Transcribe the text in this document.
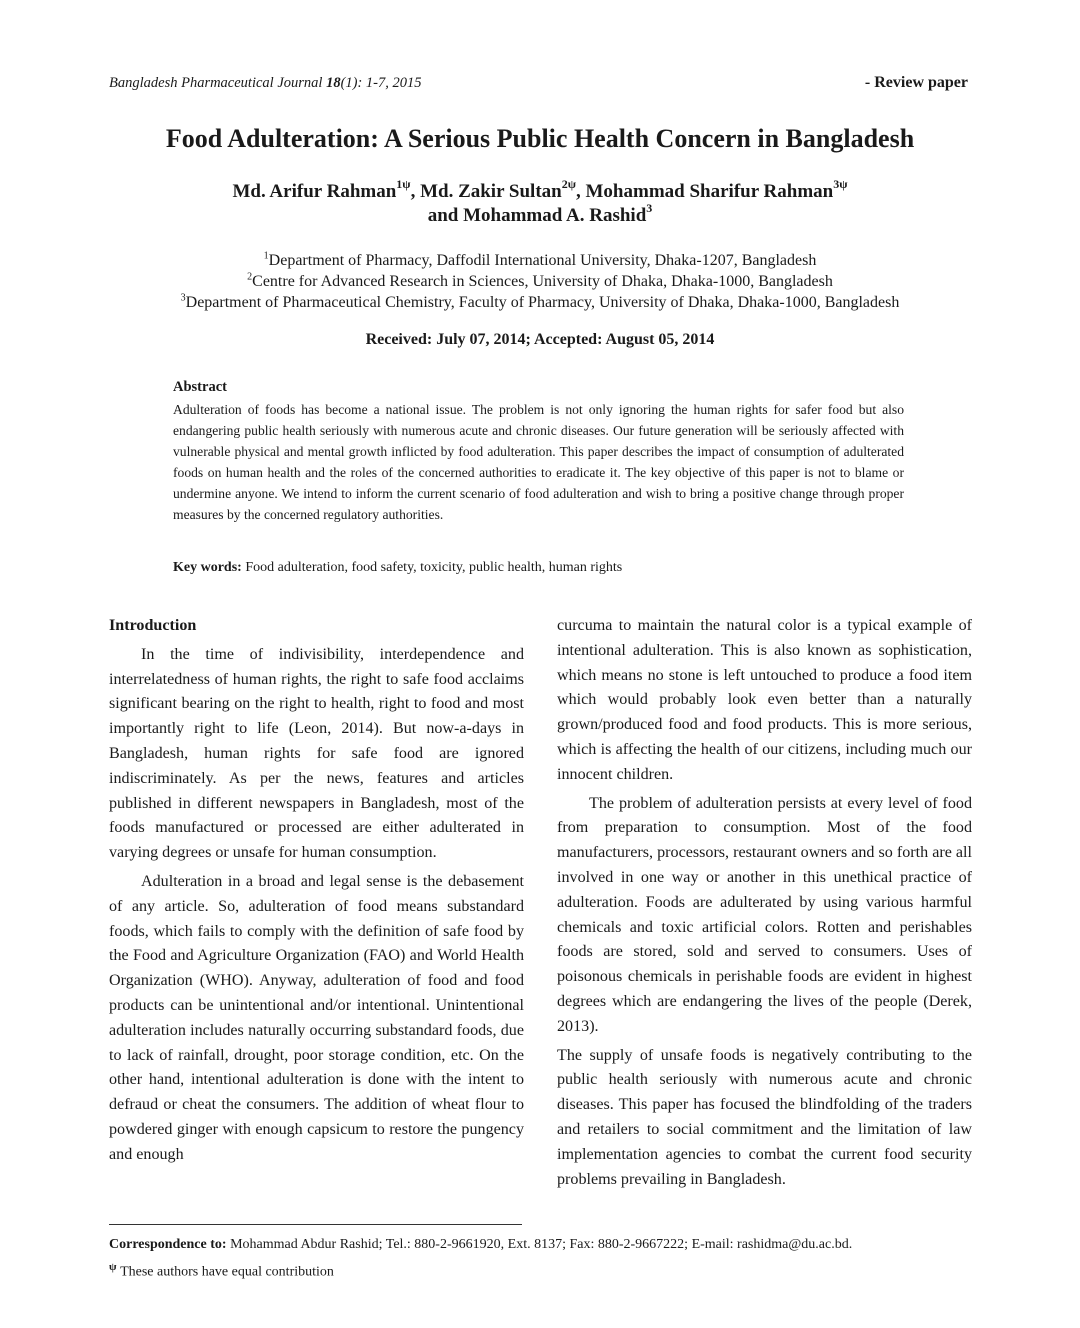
Bangladesh Pharmaceutical Journal 18(1): 1-7, 2015	- Review paper
Food Adulteration: A Serious Public Health Concern in Bangladesh
Md. Arifur Rahman$^{1\psi}$, Md. Zakir Sultan$^{2\psi}$, Mohammad Sharifur Rahman$^{3\psi}$
and Mohammad A. Rashid$^3$
$^1$Department of Pharmacy, Daffodil International University, Dhaka-1207, Bangladesh
$^2$Centre for Advanced Research in Sciences, University of Dhaka, Dhaka-1000, Bangladesh
$^3$Department of Pharmaceutical Chemistry, Faculty of Pharmacy, University of Dhaka, Dhaka-1000, Bangladesh
Received: July 07, 2014; Accepted: August 05, 2014
Abstract
Adulteration of foods has become a national issue. The problem is not only ignoring the human rights for safer food but also endangering public health seriously with numerous acute and chronic diseases. Our future generation will be seriously affected with vulnerable physical and mental growth inflicted by food adulteration. This paper describes the impact of consumption of adulterated foods on human health and the roles of the concerned authorities to eradicate it. The key objective of this paper is not to blame or undermine anyone. We intend to inform the current scenario of food adulteration and wish to bring a positive change through proper measures by the concerned regulatory authorities.
Key words: Food adulteration, food safety, toxicity, public health, human rights

Introduction

In the time of indivisibility, interdependence and interrelatedness of human rights, the right to safe food acclaims significant bearing on the right to health, right to food and most importantly right to life (Leon, 2014). But now-a-days in Bangladesh, human rights for safe food are ignored indiscriminately. As per the news, features and articles published in different newspapers in Bangladesh, most of the foods manufactured or processed are either adulterated in varying degrees or unsafe for human consumption.

Adulteration in a broad and legal sense is the debasement of any article. So, adulteration of food means substandard foods, which fails to comply with the definition of safe food by the Food and Agriculture Organization (FAO) and World Health Organization (WHO). Anyway, adulteration of food and food products can be unintentional and/or intentional. Unintentional adulteration includes naturally occurring substandard foods, due to lack of rainfall, drought, poor storage condition, etc. On the other hand, intentional adulteration is done with the intent to defraud or cheat the consumers. The addition of wheat flour to powdered ginger with enough capsicum to restore the pungency and enough

curcuma to maintain the natural color is a typical example of intentional adulteration. This is also known as sophistication, which means no stone is left untouched to produce a food item which would probably look even better than a naturally grown/produced food and food products. This is more serious, which is affecting the health of our citizens, including much our innocent children.

The problem of adulteration persists at every level of food from preparation to consumption. Most of the food manufacturers, processors, restaurant owners and so forth are all involved in one way or another in this unethical practice of adulteration. Foods are adulterated by using various harmful chemicals and toxic artificial colors. Rotten and perishables foods are stored, sold and served to consumers. Uses of poisonous chemicals in perishable foods are evident in highest degrees which are endangering the lives of the people (Derek, 2013).

The supply of unsafe foods is negatively contributing to the public health seriously with numerous acute and chronic diseases. This paper has focused the blindfolding of the traders and retailers to social commitment and the limitation of law implementation agencies to combat the current food security problems prevailing in Bangladesh.

Correspondence to: Mohammad Abdur Rashid; Tel.: 880-2-9661920, Ext. 8137; Fax: 880-2-9667222; E-mail: rashidma@du.ac.bd.
$^\psi$ These authors have equal contribution
